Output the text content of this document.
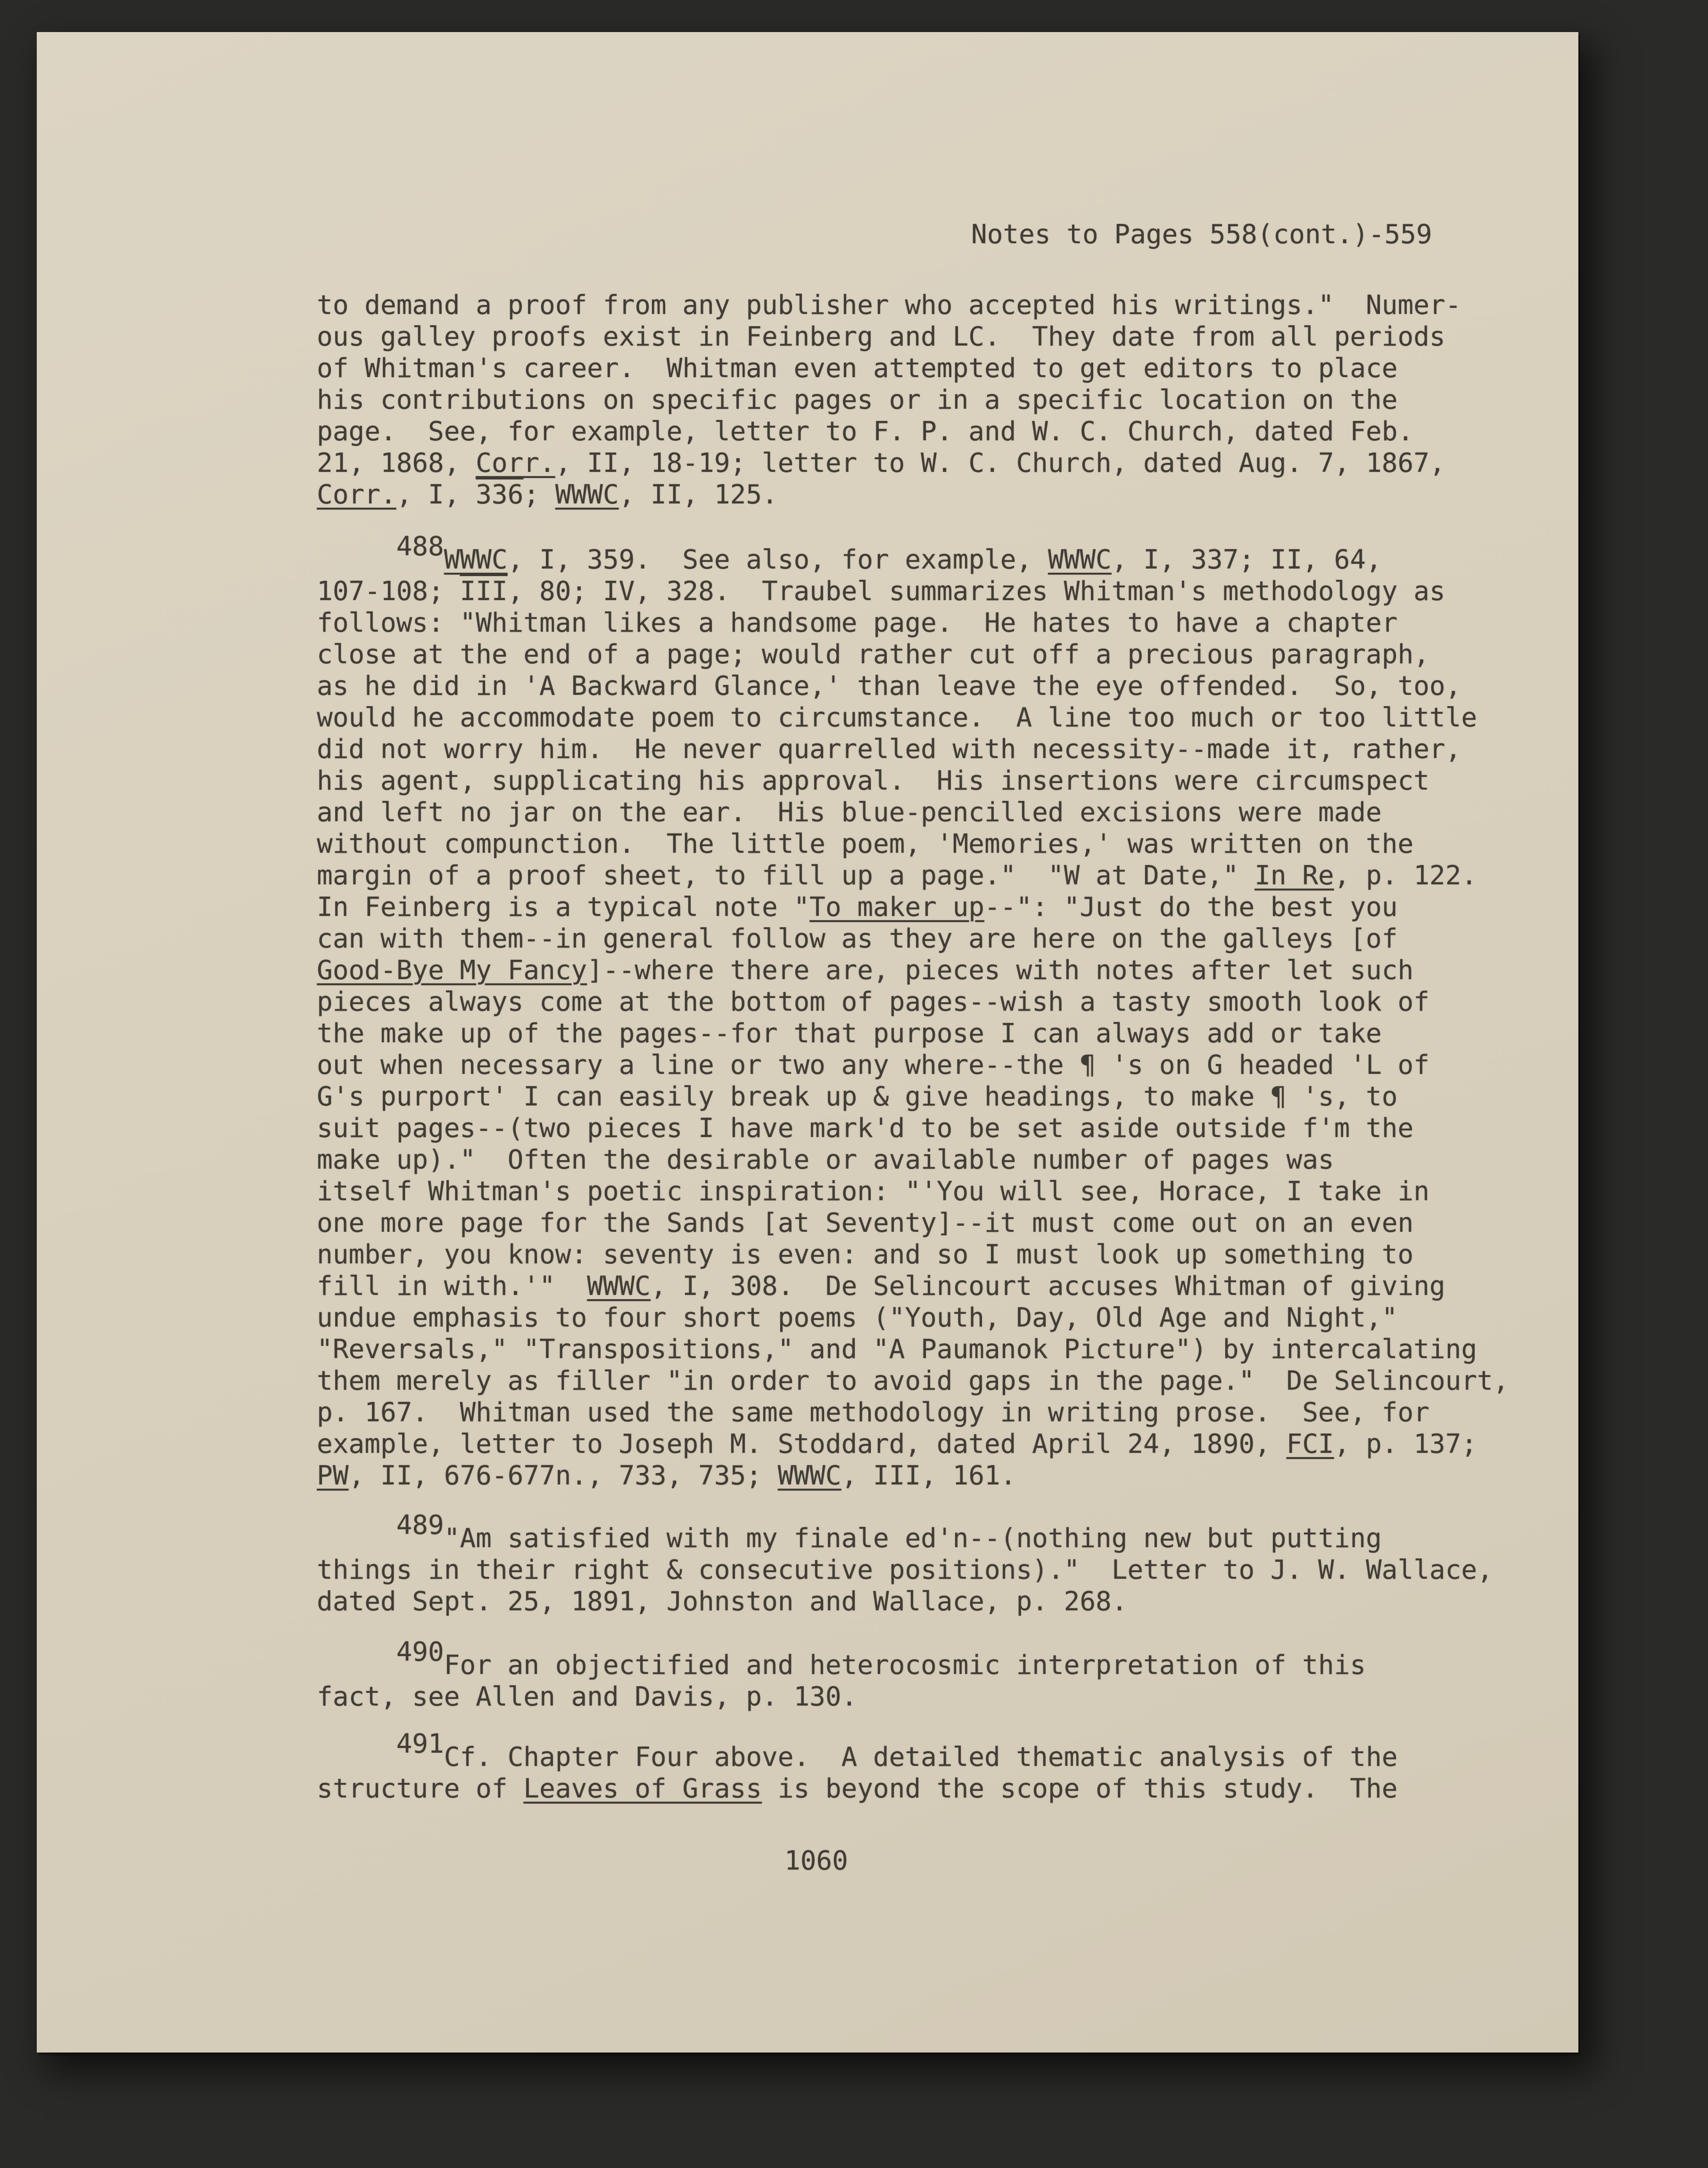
Notes to Pages 558(cont.)-559
to demand a proof from any publisher who accepted his writings."  Numer-
ous galley proofs exist in Feinberg and LC.  They date from all periods
of Whitman's career.  Whitman even attempted to get editors to place
his contributions on specific pages or in a specific location on the
page.  See, for example, letter to F. P. and W. C. Church, dated Feb.
21, 1868, Corr., II, 18-19; letter to W. C. Church, dated Aug. 7, 1867,
Corr., I, 336; WWWC, II, 125.
488WWWC, I, 359.  See also, for example, WWWC, I, 337; II, 64,
107-108; $\overline{III}$, 80; IV, 328.  Traubel summarizes Whitman's methodology as
follows: "Whitman likes a handsome page.  He hates to have a chapter
close at the end of a page; would rather cut off a precious paragraph,
as he did in 'A Backward Glance,' than leave the eye offended.  So, too,
would he accommodate poem to circumstance.  A line too much or too little
did not worry him.  He never quarrelled with necessity--made it, rather,
his agent, supplicating his approval.  His insertions were circumspect
and left no jar on the ear.  His blue-pencilled excisions were made
without compunction.  The little poem, 'Memories,' was written on the
margin of a proof sheet, to fill up a page."  "W at Date," In Re, p. 122.
In Feinberg is a typical note "To maker up--": "Just do the best you
can with them--in general follow as they are here on the galleys [of
Good-Bye My Fancy]--where there are, pieces with notes after let such
pieces always come at the bottom of pages--wish a tasty smooth look of
the make up of the pages--for that purpose I can always add or take
out when necessary a line or two any where--the ¶ 's on G headed 'L of
G's purport' I can easily break up & give headings, to make ¶ 's, to
suit pages--(two pieces I have mark'd to be set aside outside f'm the
make up)."  Often the desirable or available number of pages was
itself Whitman's poetic inspiration: "'You will see, Horace, I take in
one more page for the Sands [at Seventy]--it must come out on an even
number, you know: seventy is even: and so I must look up something to
fill in with.'"  WWWC, I, 308.  De Selincourt accuses Whitman of giving
undue emphasis to four short poems ("Youth, Day, Old Age and Night,"
"Reversals," "Transpositions," and "A Paumanok Picture") by intercalating
them merely as filler "in order to avoid gaps in the page."  De Selincourt,
p. 167.  Whitman used the same methodology in writing prose.  See, for
example, letter to Joseph M. Stoddard, dated April 24, 1890, FCI, p. 137;
PW, II, 676-677n., 733, 735; WWWC, III, 161.
489"Am satisfied with my finale ed'n--(nothing new but putting
things in their right & consecutive positions)."  Letter to J. W. Wallace,
dated Sept. 25, 1891, Johnston and Wallace, p. 268.
490For an objectified and heterocosmic interpretation of this
fact, see Allen and Davis, p. 130.
491Cf. Chapter Four above.  A detailed thematic analysis of the
structure of Leaves of Grass is beyond the scope of this study.  The
1060
